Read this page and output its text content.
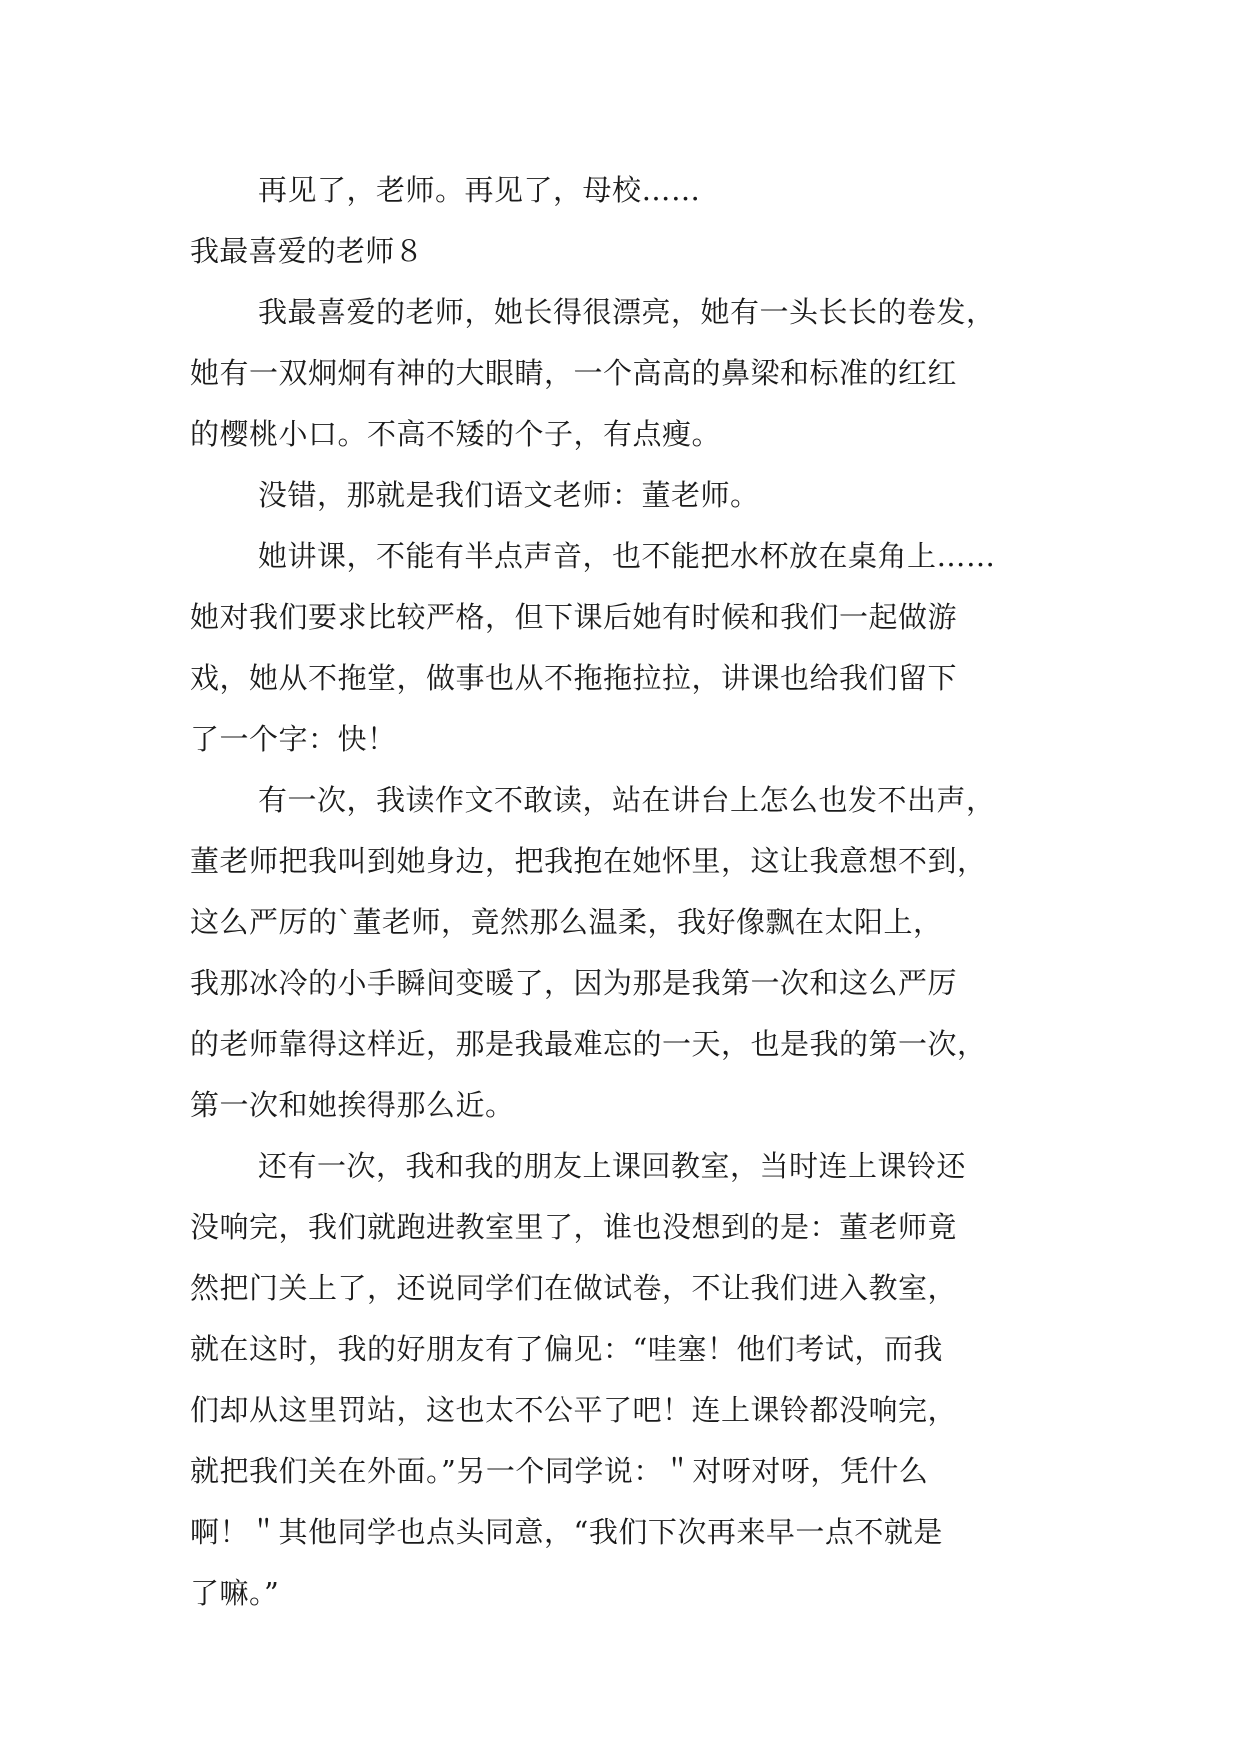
再见了，老师。再见了，母校……
我最喜爱的老师８
我最喜爱的老师，她长得很漂亮，她有一头长长的卷发，
她有一双炯炯有神的大眼睛，一个高高的鼻梁和标准的红红
的樱桃小口。不高不矮的个子，有点瘦。
没错，那就是我们语文老师：董老师。
她讲课，不能有半点声音，也不能把水杯放在桌角上……
她对我们要求比较严格，但下课后她有时候和我们一起做游
戏，她从不拖堂，做事也从不拖拖拉拉，讲课也给我们留下
了一个字：快！
有一次，我读作文不敢读，站在讲台上怎么也发不出声，
董老师把我叫到她身边，把我抱在她怀里，这让我意想不到，
这么严厉的`董老师，竟然那么温柔，我好像飘在太阳上，
我那冰冷的小手瞬间变暖了，因为那是我第一次和这么严厉
的老师靠得这样近，那是我最难忘的一天，也是我的第一次，
第一次和她挨得那么近。
还有一次，我和我的朋友上课回教室，当时连上课铃还
没响完，我们就跑进教室里了，谁也没想到的是：董老师竟
然把门关上了，还说同学们在做试卷，不让我们进入教室，
就在这时，我的好朋友有了偏见：“哇塞！他们考试，而我
们却从这里罚站，这也太不公平了吧！连上课铃都没响完，
就把我们关在外面。”另一个同学说：＂对呀对呀，凭什么
啊！＂其他同学也点头同意，“我们下次再来早一点不就是
了嘛。”
